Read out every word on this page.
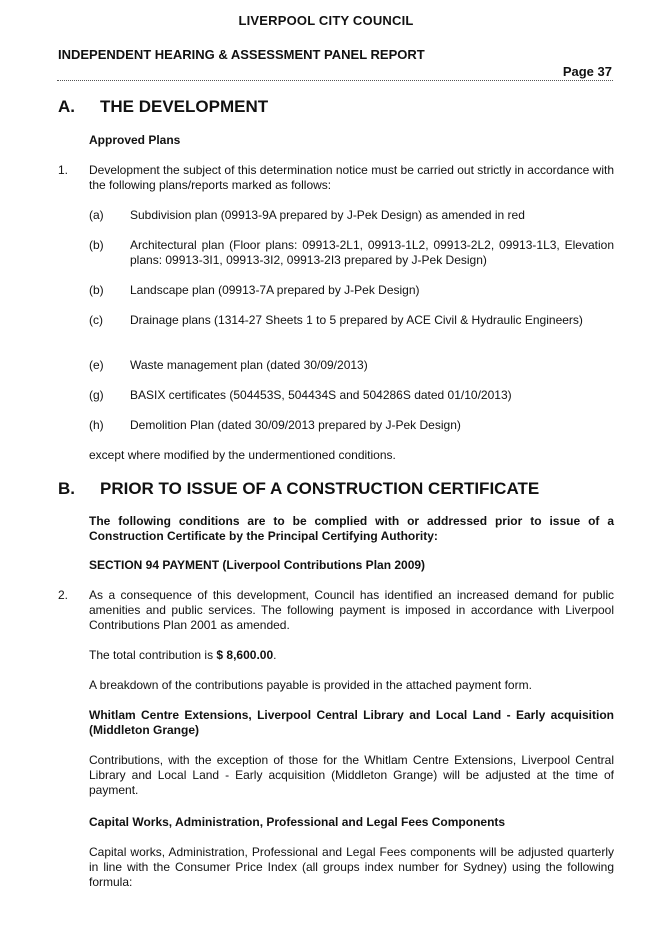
LIVERPOOL CITY COUNCIL
INDEPENDENT HEARING & ASSESSMENT PANEL REPORT
Page 37
A. THE DEVELOPMENT
Approved Plans
1. Development the subject of this determination notice must be carried out strictly in accordance with the following plans/reports marked as follows:
(a) Subdivision plan (09913-9A prepared by J-Pek Design) as amended in red
(b) Architectural plan (Floor plans: 09913-2L1, 09913-1L2, 09913-2L2, 09913-1L3, Elevation plans: 09913-3I1, 09913-3I2, 09913-2I3 prepared by J-Pek Design)
(b) Landscape plan (09913-7A prepared by J-Pek Design)
(c) Drainage plans (1314-27 Sheets 1 to 5 prepared by ACE Civil & Hydraulic Engineers)
(e) Waste management plan (dated 30/09/2013)
(g) BASIX certificates (504453S, 504434S and 504286S dated 01/10/2013)
(h) Demolition Plan (dated 30/09/2013 prepared by J-Pek Design)
except where modified by the undermentioned conditions.
B. PRIOR TO ISSUE OF A CONSTRUCTION CERTIFICATE
The following conditions are to be complied with or addressed prior to issue of a Construction Certificate by the Principal Certifying Authority:
SECTION 94 PAYMENT (Liverpool Contributions Plan 2009)
2. As a consequence of this development, Council has identified an increased demand for public amenities and public services. The following payment is imposed in accordance with Liverpool Contributions Plan 2001 as amended.
The total contribution is $ 8,600.00.
A breakdown of the contributions payable is provided in the attached payment form.
Whitlam Centre Extensions, Liverpool Central Library and Local Land - Early acquisition (Middleton Grange)
Contributions, with the exception of those for the Whitlam Centre Extensions, Liverpool Central Library and Local Land - Early acquisition (Middleton Grange) will be adjusted at the time of payment.
Capital Works, Administration, Professional and Legal Fees Components
Capital works, Administration, Professional and Legal Fees components will be adjusted quarterly in line with the Consumer Price Index (all groups index number for Sydney) using the following formula:
